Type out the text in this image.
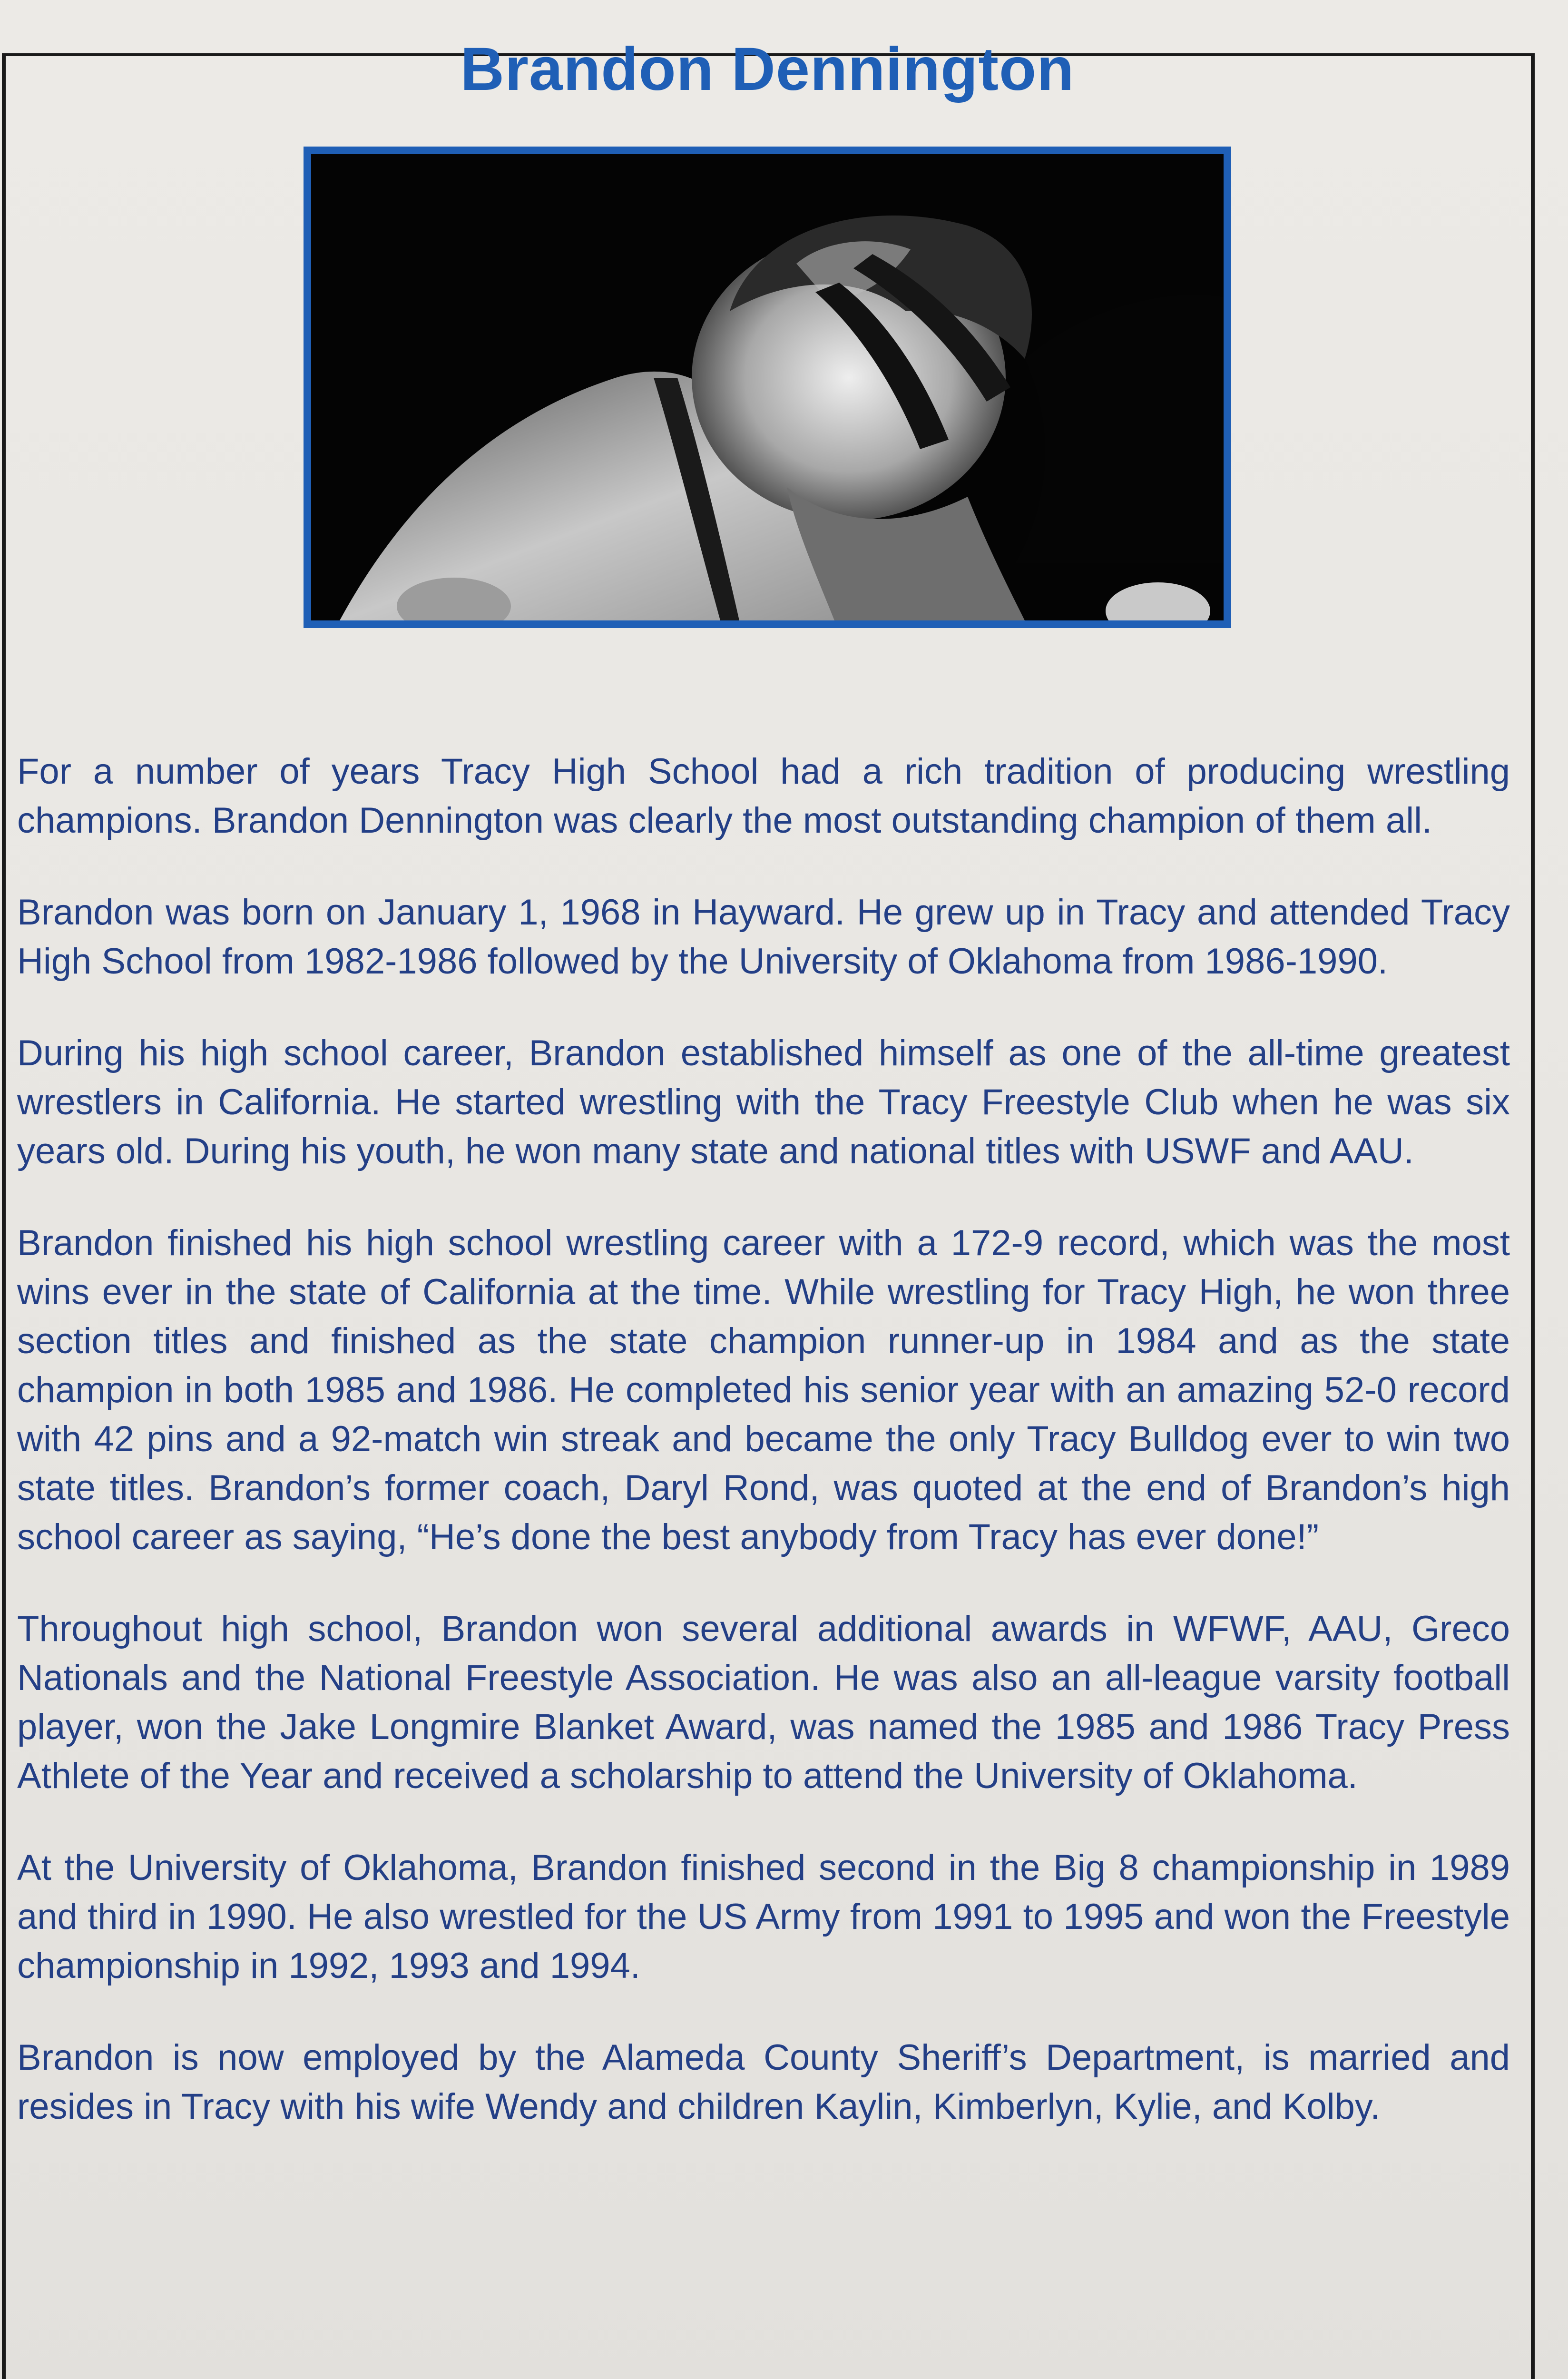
Brandon Dennington

For a number of years Tracy High School had a rich tradition of producing wrestling champions. Brandon Dennington was clearly the most outstanding champion of them all.

Brandon was born on January 1, 1968 in Hayward. He grew up in Tracy and attended Tracy High School from 1982-1986 followed by the University of Oklahoma from 1986-1990.

During his high school career, Brandon established himself as one of the all-time greatest wrestlers in California. He started wrestling with the Tracy Freestyle Club when he was six years old. During his youth, he won many state and national titles with USWF and AAU.

Brandon finished his high school wrestling career with a 172-9 record, which was the most wins ever in the state of California at the time. While wrestling for Tracy High, he won three section titles and finished as the state champion runner-up in 1984 and as the state champion in both 1985 and 1986. He completed his senior year with an amazing 52-0 record with 42 pins and a 92-match win streak and became the only Tracy Bulldog ever to win two state titles. Brandon’s former coach, Daryl Rond, was quoted at the end of Brandon’s high school career as saying, “He’s done the best anybody from Tracy has ever done!”

Throughout high school, Brandon won several additional awards in WFWF, AAU, Greco Nationals and the National Freestyle Association. He was also an all-league varsity football player, won the Jake Longmire Blanket Award, was named the 1985 and 1986 Tracy Press Athlete of the Year and received a scholarship to attend the University of Oklahoma.

At the University of Oklahoma, Brandon finished second in the Big 8 championship in 1989 and third in 1990. He also wrestled for the US Army from 1991 to 1995 and won the Freestyle championship in 1992, 1993 and 1994.

Brandon is now employed by the Alameda County Sheriff’s Department, is married and resides in Tracy with his wife Wendy and children Kaylin, Kimberlyn, Kylie, and Kolby.
